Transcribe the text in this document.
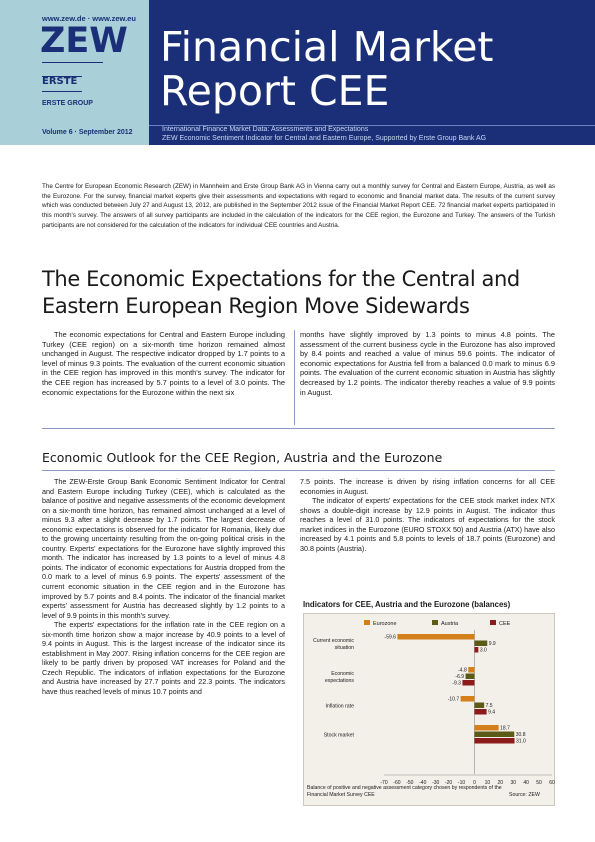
www.zew.de · www.zew.eu
ZEW
ERSTE
ERSTE GROUP
Volume 6 · September 2012
Financial Market
Report CEE
International Finance Market Data: Assessments and Expectations
ZEW Economic Sentiment Indicator for Central and Eastern Europe, Supported by Erste Group Bank AG
The Centre for European Economic Research (ZEW) in Mannheim and Erste Group Bank AG in Vienna carry out a monthly survey for Central and Eastern Europe, Austria, as well as the Eurozone. For the survey, financial market experts give their assessments and expectations with regard to economic and financial market data. The results of the current survey which was conducted between July 27 and August 13, 2012, are published in the September 2012 issue of the Financial Market Report CEE. 72 financial market experts participated in this month's survey. The answers of all survey participants are included in the calculation of the indicators for the CEE region, the Eurozone and Turkey. The answers of the Turkish participants are not considered for the calculation of the indicators for individual CEE countries and Austria.
The Economic Expectations for the Central and
Eastern European Region Move Sidewards
The economic expectations for Central and Eastern Europe including Turkey (CEE region) on a six-month time horizon remained almost unchanged in August. The respective indicator dropped by 1.7 points to a level of minus 9.3 points. The evaluation of the current economic situation in the CEE region has improved in this month's survey. The indicator for the CEE region has increased by 5.7 points to a level of 3.0 points. The economic expectations for the Eurozone within the next six
months have slightly improved by 1.3 points to minus 4.8 points. The assessment of the current business cycle in the Eurozone has also improved by 8.4 points and reached a value of minus 59.6 points. The indicator of economic expectations for Austria fell from a balanced 0.0 mark to minus 6.9 points. The evaluation of the current economic situation in Austria has slightly decreased by 1.2 points. The indicator thereby reaches a value of 9.9 points in August.
Economic Outlook for the CEE Region, Austria and the Eurozone

The ZEW-Erste Group Bank Economic Sentiment Indicator for Central and Eastern Europe including Turkey (CEE), which is calculated as the balance of positive and negative assessments of the economic development on a six-month time horizon, has remained almost unchanged at a level of minus 9.3 after a slight decrease by 1.7 points. The largest decrease of economic expectations is observed for the indicator for Romania, likely due to the growing uncertainty resulting from the on-going political crisis in the country. Experts' expectations for the Eurozone have slightly improved this month. The indicator has increased by 1.3 points to a level of minus 4.8 points. The indicator of economic expectations for Austria dropped from the 0.0 mark to a level of minus 6.9 points. The experts' assessment of the current economic situation in the CEE region and in the Eurozone has improved by 5.7 points and 8.4 points. The indicator of the financial market experts' assessment for Austria has decreased slightly by 1.2 points to a level of 9.9 points in this month's survey.

The experts' expectations for the inflation rate in the CEE region on a six-month time horizon show a major increase by 40.9 points to a level of 9.4 points in August. This is the largest increase of the indicator since its establishment in May 2007. Rising inflation concerns for the CEE region are likely to be partly driven by proposed VAT increases for Poland and the Czech Republic. The indicators of inflation expectations for the Eurozone and Austria have increased by 27.7 points and 22.3 points. The indicators have thus reached levels of minus 10.7 points and

7.5 points. The increase is driven by rising inflation concerns for all CEE economies in August.

The indicator of experts' expectations for the CEE stock market index NTX shows a double-digit increase by 12.9 points in August. The indicator thus reaches a level of 31.0 points. The indicators of expectations for the stock market indices in the Eurozone (EURO STOXX 50) and Austria (ATX) have also increased by 4.1 points and 5.8 points to levels of 18.7 points (Eurozone) and 30.8 points (Austria).

Indicators for CEE, Austria and the Eurozone (balances)
Eurozone	Austria	CEE
Current economic
situation
-59.6
9.9
3.0
Economic
expectations
-4.8
-6.9
-9.3
Inflation rate
-10.7
7.5
9.4
Stock market
18.7
30.8
31.0
-70 -60 -50 -40 -30 -20 -10 0 10 20 30 40 50 60
Balance of positive and negative assessment category chosen by respondents of the
Financial Market Survey CEE	Source: ZEW
